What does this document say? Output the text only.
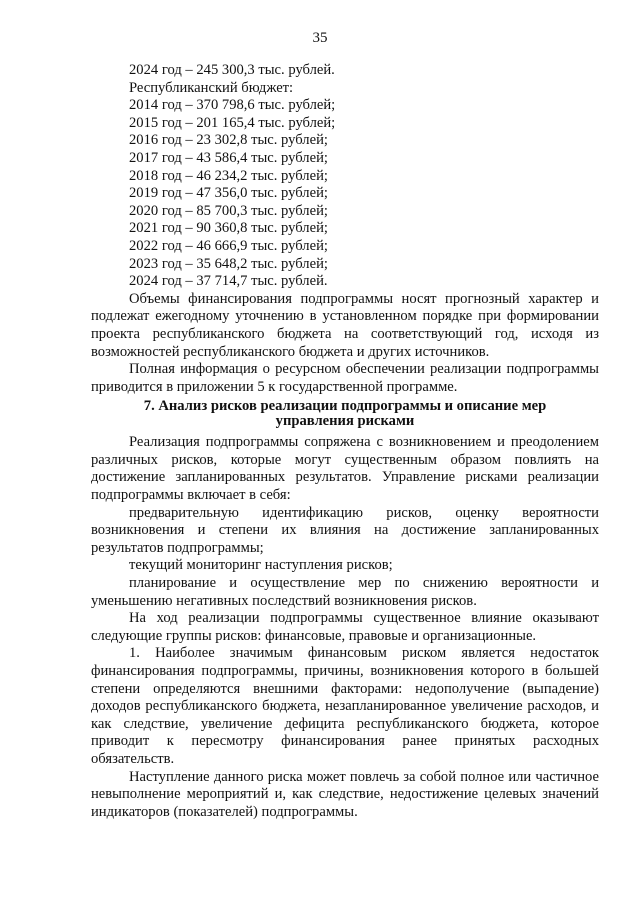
35
2024 год – 245 300,3 тыс. рублей.
Республиканский бюджет:
2014 год – 370 798,6 тыс. рублей;
2015 год – 201 165,4 тыс. рублей;
2016 год – 23 302,8 тыс. рублей;
2017 год – 43 586,4 тыс. рублей;
2018 год – 46 234,2 тыс. рублей;
2019 год – 47 356,0 тыс. рублей;
2020 год – 85 700,3 тыс. рублей;
2021 год – 90 360,8 тыс. рублей;
2022 год – 46 666,9 тыс. рублей;
2023 год – 35 648,2 тыс. рублей;
2024 год – 37 714,7 тыс. рублей.

Объемы финансирования подпрограммы носят прогнозный характер и подлежат ежегодному уточнению в установленном порядке при формировании проекта республиканского бюджета на соответствующий год, исходя из возможностей республиканского бюджета и других источников.

Полная информация о ресурсном обеспечении реализации подпрограммы приводится в приложении 5 к государственной программе.

7. Анализ рисков реализации подпрограммы и описание мер управления рисками

Реализация подпрограммы сопряжена с возникновением и преодолением различных рисков, которые могут существенным образом повлиять на достижение запланированных результатов. Управление рисками реализации подпрограммы включает в себя:

предварительную идентификацию рисков, оценку вероятности возникновения и степени их влияния на достижение запланированных результатов подпрограммы;

текущий мониторинг наступления рисков;

планирование и осуществление мер по снижению вероятности и уменьшению негативных последствий возникновения рисков.

На ход реализации подпрограммы существенное влияние оказывают следующие группы рисков: финансовые, правовые и организационные.

1. Наиболее значимым финансовым риском является недостаток финансирования подпрограммы, причины, возникновения которого в большей степени определяются внешними факторами: недополучение (выпадение) доходов республиканского бюджета, незапланированное увеличение расходов, и как следствие, увеличение дефицита республиканского бюджета, которое приводит к пересмотру финансирования ранее принятых расходных обязательств.

Наступление данного риска может повлечь за собой полное или частичное невыполнение мероприятий и, как следствие, недостижение целевых значений индикаторов (показателей) подпрограммы.
